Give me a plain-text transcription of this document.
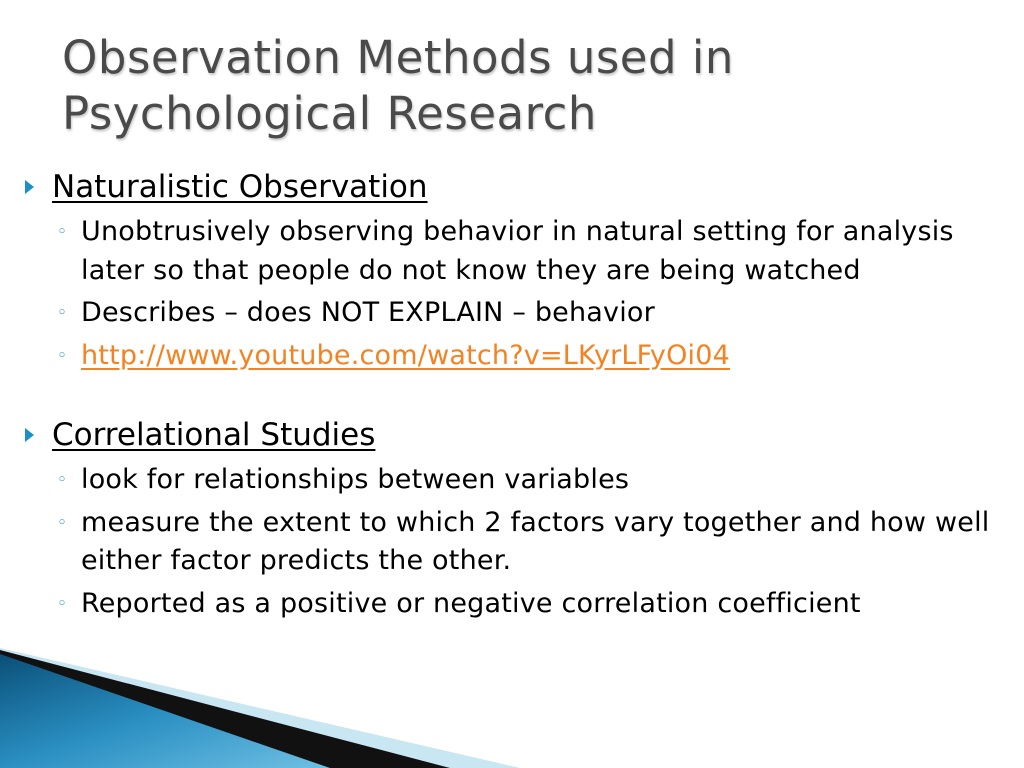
Observation Methods used in
Psychological Research
Naturalistic Observation
◦ Unobtrusively observing behavior in natural setting for analysis later so that people do not know they are being watched
◦ Describes – does NOT EXPLAIN – behavior
◦ http://www.youtube.com/watch?v=LKyrLFyOi04
Correlational Studies
◦ look for relationships between variables
◦ measure the extent to which 2 factors vary together and how well either factor predicts the other.
◦ Reported as a positive or negative correlation coefficient
